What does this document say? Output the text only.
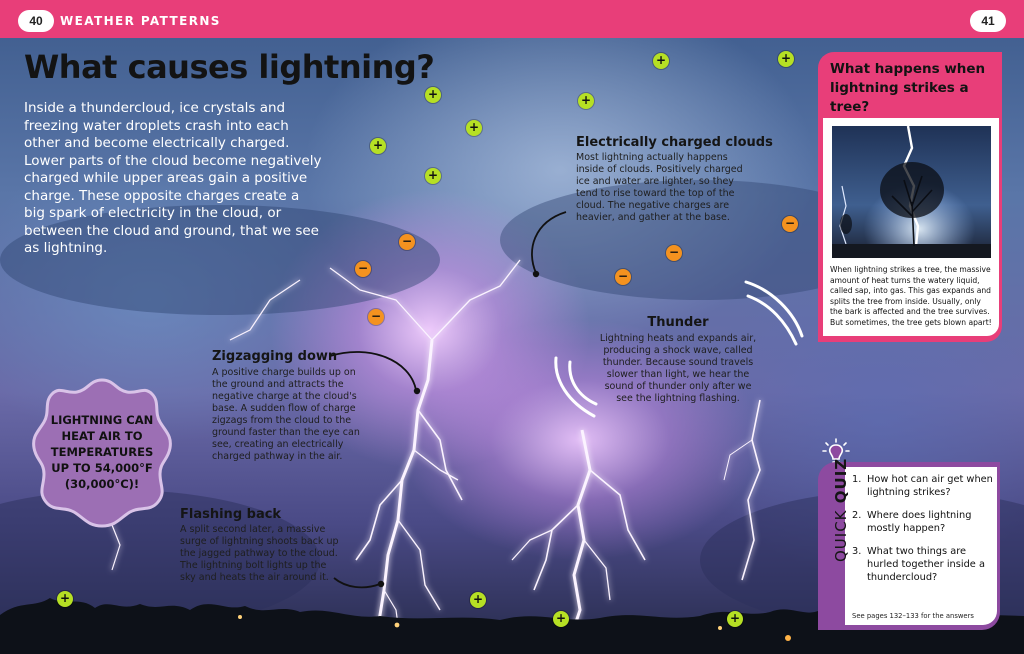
40	WEATHER PATTERNS	41
What causes lightning?

Inside a thundercloud, ice crystals and freezing water droplets crash into each other and become electrically charged. Lower parts of the cloud become negatively charged while upper areas gain a positive charge. These opposite charges create a big spark of electricity in the cloud, or between the cloud and ground, that we see as lightning.

+	+
+	+
+
+
+
+	+
+	+
−
−
−
−
−
−
Electrically charged clouds
Most lightning actually happens inside of clouds. Positively charged ice and water are lighter, so they tend to rise toward the top of the cloud. The negative charges are heavier, and gather at the base.
Zigzagging down
A positive charge builds up on the ground and attracts the negative charge at the cloud's base. A sudden flow of charge zigzags from the cloud to the ground faster than the eye can see, creating an electrically charged pathway in the air.
Thunder
Lightning heats and expands air, producing a shock wave, called thunder. Because sound travels slower than light, we hear the sound of thunder only after we see the lightning flashing.
Flashing back
A split second later, a massive surge of lightning shoots back up the jagged pathway to the cloud. The lightning bolt lights up the sky and heats the air around it.
LIGHTNING CAN
HEAT AIR TO
TEMPERATURES
UP TO 54,000°F
(30,000°C)!
What happens when lightning strikes a tree?
When lightning strikes a tree, the massive amount of heat turns the watery liquid, called sap, into gas. This gas expands and splits the tree from inside. Usually, only the bark is affected and the tree survives. But sometimes, the tree gets blown apart!
QUICK QUIZ 1. How hot can air get when lightning strikes?
2. Where does lightning mostly happen?
3. What two things are hurled together inside a thundercloud?
See pages 132–133 for the answers
